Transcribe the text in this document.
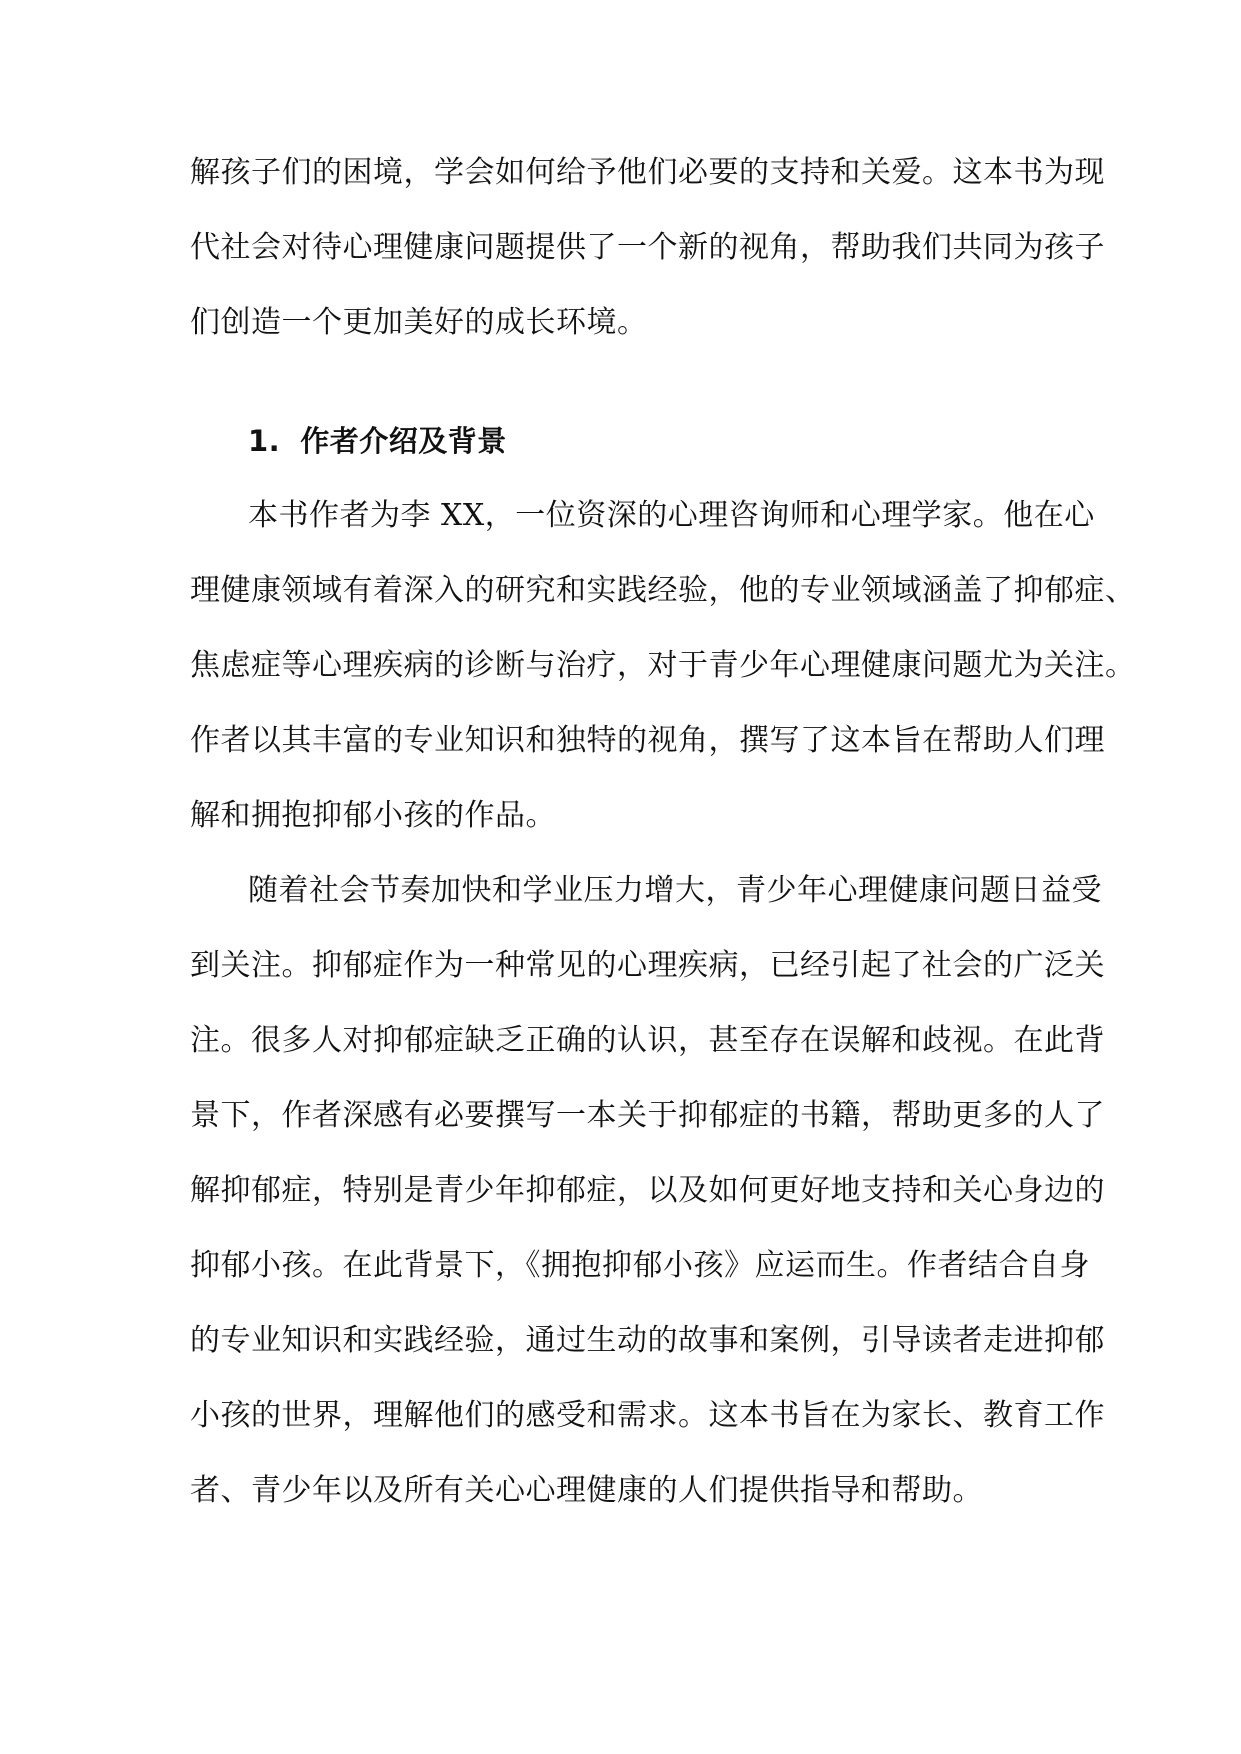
解孩子们的困境，学会如何给予他们必要的支持和关爱。这本书为现
代社会对待心理健康问题提供了一个新的视角，帮助我们共同为孩子
们创造一个更加美好的成长环境。
1. 作者介绍及背景
本书作者为李 XX，一位资深的心理咨询师和心理学家。他在心
理健康领域有着深入的研究和实践经验，他的专业领域涵盖了抑郁症、
焦虑症等心理疾病的诊断与治疗，对于青少年心理健康问题尤为关注。
作者以其丰富的专业知识和独特的视角，撰写了这本旨在帮助人们理
解和拥抱抑郁小孩的作品。
随着社会节奏加快和学业压力增大，青少年心理健康问题日益受
到关注。抑郁症作为一种常见的心理疾病，已经引起了社会的广泛关
注。很多人对抑郁症缺乏正确的认识，甚至存在误解和歧视。在此背
景下，作者深感有必要撰写一本关于抑郁症的书籍，帮助更多的人了
解抑郁症，特别是青少年抑郁症，以及如何更好地支持和关心身边的
抑郁小孩。在此背景下，《拥抱抑郁小孩》应运而生。作者结合自身
的专业知识和实践经验，通过生动的故事和案例，引导读者走进抑郁
小孩的世界，理解他们的感受和需求。这本书旨在为家长、教育工作
者、青少年以及所有关心心理健康的人们提供指导和帮助。
